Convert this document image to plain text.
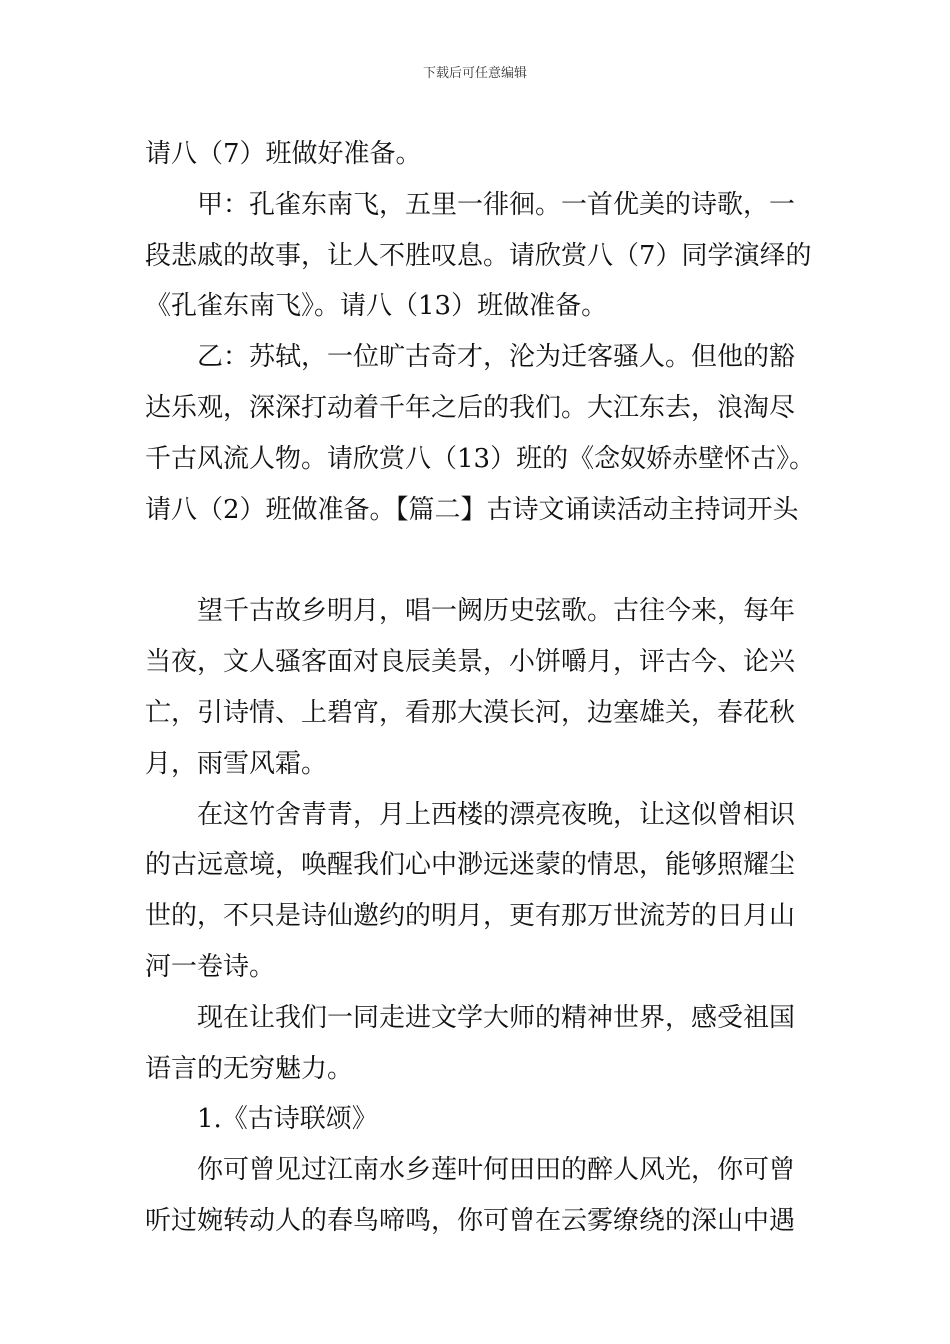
下载后可任意编辑

请八（7）班做好准备。

甲：孔雀东南飞，五里一徘徊。一首优美的诗歌，一

段悲戚的故事，让人不胜叹息。请欣赏八（7）同学演绎的

《孔雀东南飞》。请八（13）班做准备。

乙：苏轼，一位旷古奇才，沦为迁客骚人。但他的豁

达乐观，深深打动着千年之后的我们。大江东去，浪淘尽

千古风流人物。请欣赏八（13）班的《念奴娇赤壁怀古》。

请八（2）班做准备。【篇二】古诗文诵读活动主持词开头

望千古故乡明月，唱一阙历史弦歌。古往今来，每年

当夜，文人骚客面对良辰美景，小饼嚼月，评古今、论兴

亡，引诗情、上碧宵，看那大漠长河，边塞雄关，春花秋

月，雨雪风霜。

在这竹舍青青，月上西楼的漂亮夜晚，让这似曾相识

的古远意境，唤醒我们心中渺远迷蒙的情思，能够照耀尘

世的，不只是诗仙邀约的明月，更有那万世流芳的日月山

河一卷诗。

现在让我们一同走进文学大师的精神世界，感受祖国

语言的无穷魅力。

1.《古诗联颂》

你可曾见过江南水乡莲叶何田田的醉人风光，你可曾

听过婉转动人的春鸟啼鸣，你可曾在云雾缭绕的深山中遇
